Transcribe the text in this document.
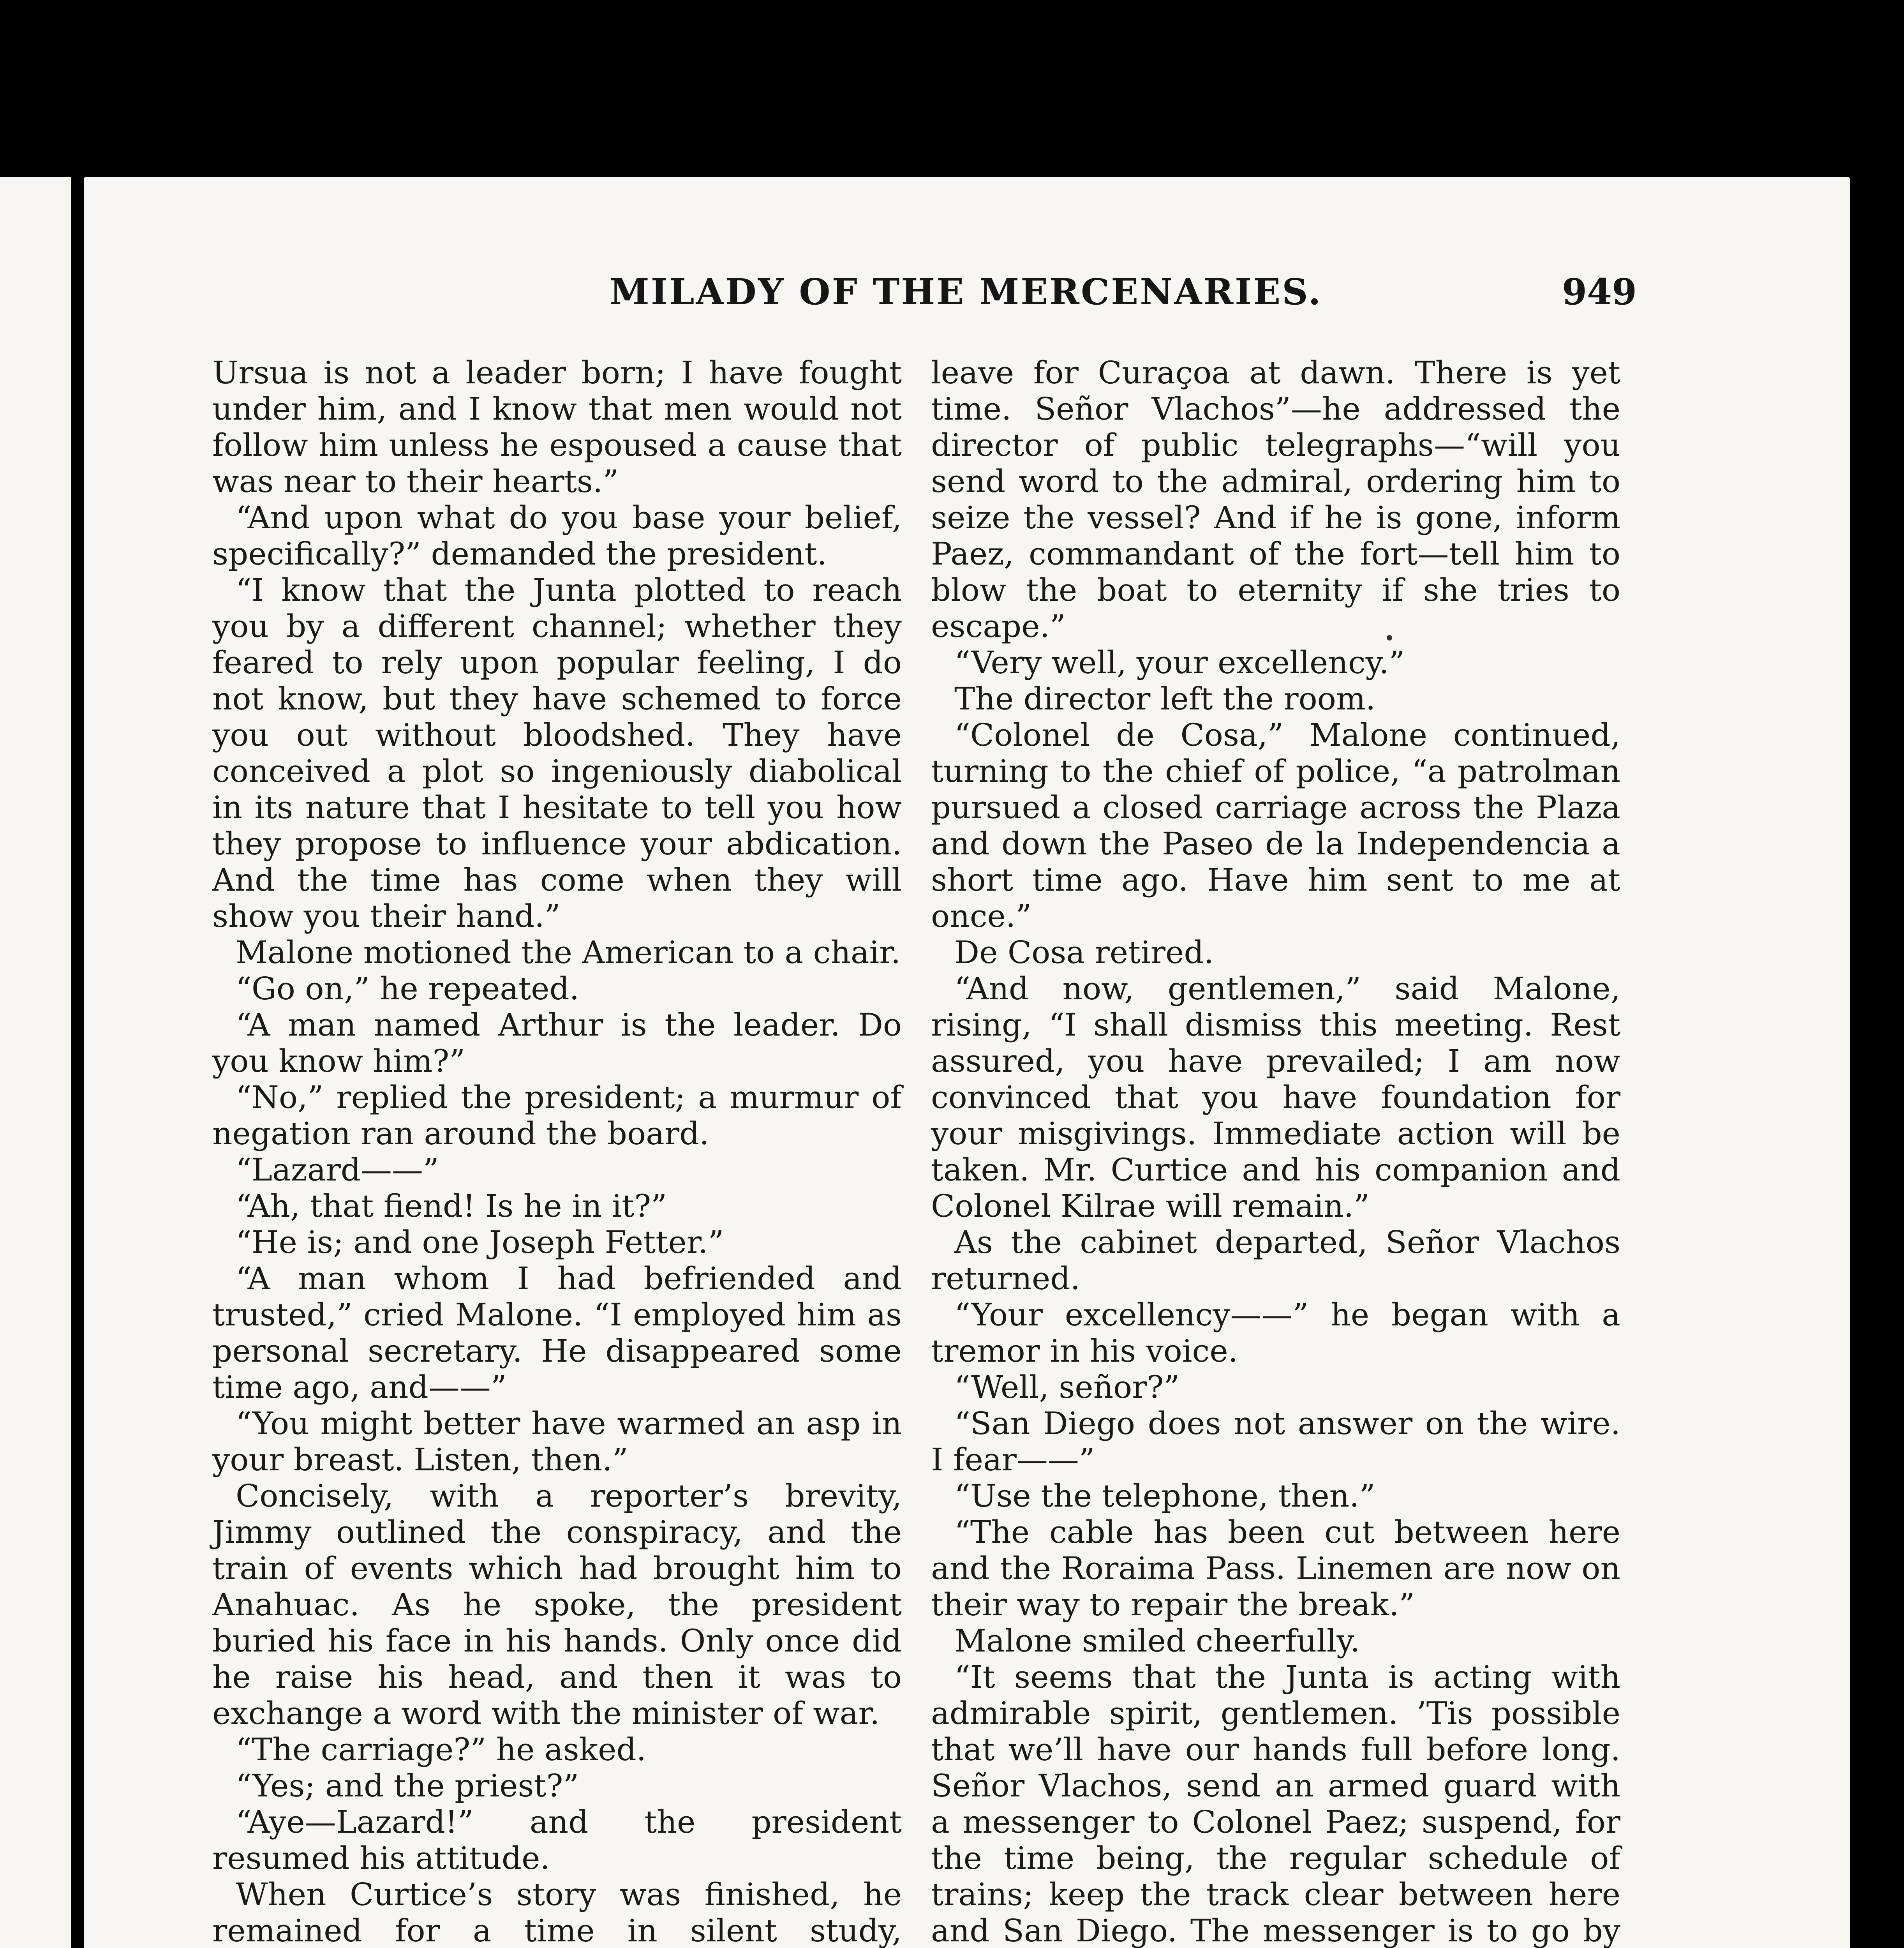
MILADY OF THE MERCENARIES.	949

Ursua is not a leader born; I have fought under him, and I know that men would not follow him unless he espoused a cause that was near to their hearts.”

“And upon what do you base your belief, specifically?” demanded the president.

“I know that the Junta plotted to reach you by a different channel; whether they feared to rely upon popular feeling, I do not know, but they have schemed to force you out without bloodshed. They have conceived a plot so ingeniously diabolical in its nature that I hesitate to tell you how they propose to influence your abdication. And the time has come when they will show you their hand.”

Malone motioned the American to a chair.

“Go on,” he repeated.

“A man named Arthur is the leader. Do you know him?”

“No,” replied the president; a murmur of negation ran around the board.

“Lazard——”

“Ah, that fiend! Is he in it?”

“He is; and one Joseph Fetter.”

“A man whom I had befriended and trusted,” cried Malone. “I employed him as personal secretary. He disappeared some time ago, and——”

“You might better have warmed an asp in your breast. Listen, then.”

Concisely, with a reporter’s brevity, Jimmy outlined the conspiracy, and the train of events which had brought him to Anahuac. As he spoke, the president buried his face in his hands. Only once did he raise his head, and then it was to exchange a word with the minister of war.

“The carriage?” he asked.

“Yes; and the priest?”

“Aye—Lazard!” and the president resumed his attitude.

When Curtice’s story was finished, he remained for a time in silent study,

leave for Curaçoa at dawn. There is yet time. Señor Vlachos”—he addressed the director of public telegraphs—“will you send word to the admiral, ordering him to seize the vessel? And if he is gone, inform Paez, commandant of the fort—tell him to blow the boat to eternity if she tries to escape.”

“Very well, your excellency.”

The director left the room.

“Colonel de Cosa,” Malone continued, turning to the chief of police, “a patrolman pursued a closed carriage across the Plaza and down the Paseo de la Independencia a short time ago. Have him sent to me at once.”

De Cosa retired.

“And now, gentlemen,” said Malone, rising, “I shall dismiss this meeting. Rest assured, you have prevailed; I am now convinced that you have foundation for your misgivings. Immediate action will be taken. Mr. Curtice and his companion and Colonel Kilrae will remain.”

As the cabinet departed, Señor Vlachos returned.

“Your excellency——” he began with a tremor in his voice.

“Well, señor?”

“San Diego does not answer on the wire. I fear——”

“Use the telephone, then.”

“The cable has been cut between here and the Roraima Pass. Linemen are now on their way to repair the break.”

Malone smiled cheerfully.

“It seems that the Junta is acting with admirable spirit, gentlemen. ’Tis possible that we’ll have our hands full before long. Señor Vlachos, send an armed guard with a messenger to Colonel Paez; suspend, for the time being, the regular schedule of trains; keep the track clear between here and San Diego. The messenger is to go by
